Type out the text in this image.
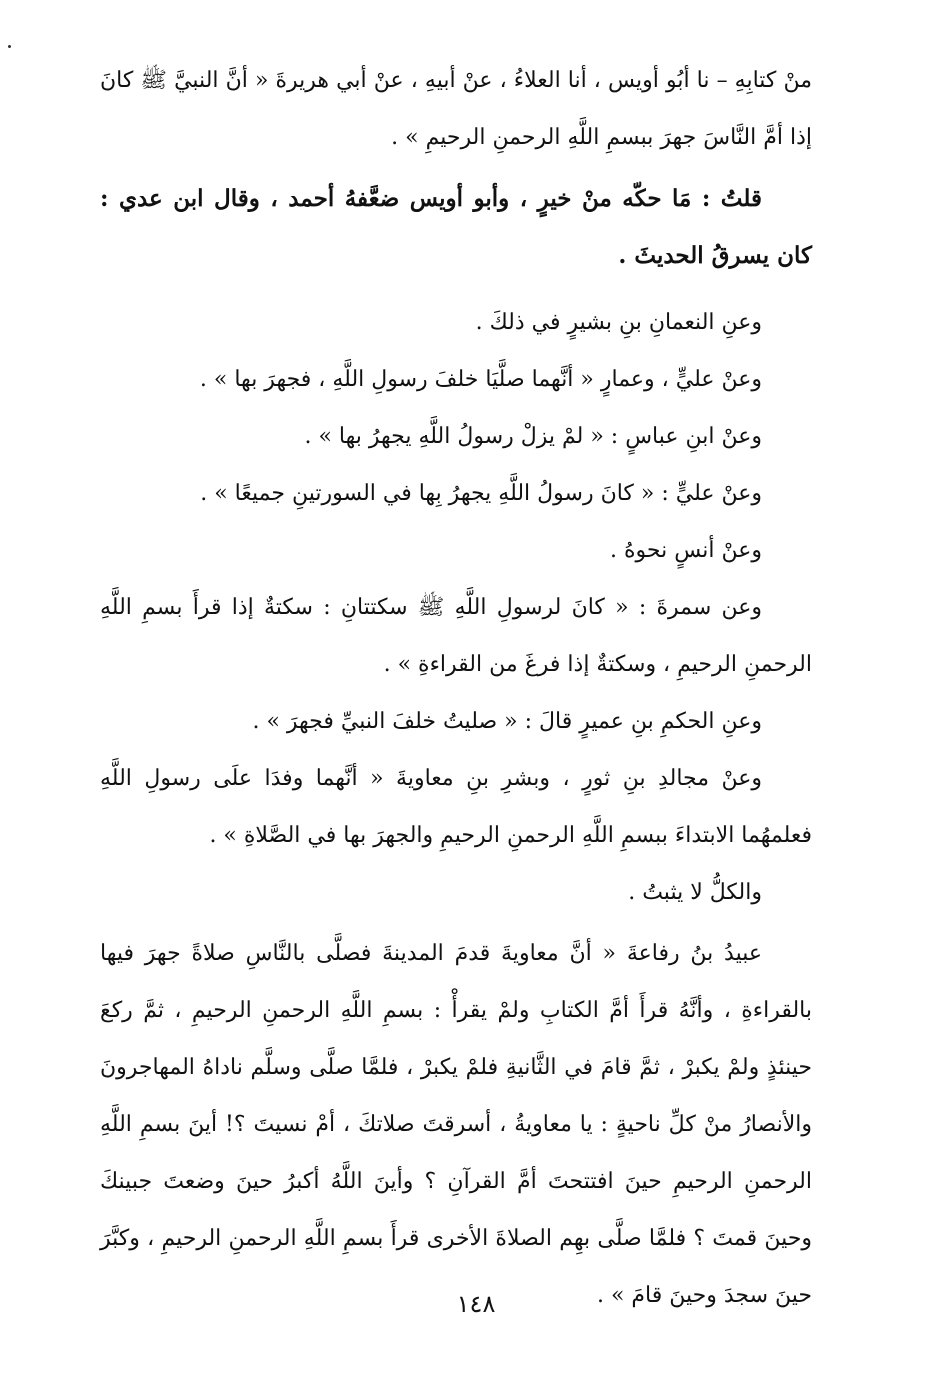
منْ كتابِهِ – نا أبُو أويس ، أنا العلاءُ ، عنْ أبيهِ ، عنْ أبي هريرةَ « أنَّ النبيَّ ﷺ كانَ إذا أمَّ النَّاسَ جهرَ ببسمِ اللَّهِ الرحمنِ الرحيمِ » .

قلتُ : مَا حكّه منْ خيرٍ ، وأبو أويس ضعَّفهُ أحمد ، وقال ابن عدي : كان يسرقُ الحديثَ .

وعنِ النعمانِ بنِ بشيرٍ في ذلكَ .

وعنْ عليٍّ ، وعمارٍ « أنَّهما صلَّيَا خلفَ رسولِ اللَّهِ ، فجهرَ بها » .

وعنْ ابنِ عباسٍ : « لمْ يزلْ رسولُ اللَّهِ يجهرُ بها » .

وعنْ عليٍّ : « كانَ رسولُ اللَّهِ يجهرُ بِها في السورتينِ جميعًا » .

وعنْ أنسٍ نحوهُ .

وعن سمرةَ : « كانَ لرسولِ اللَّهِ ﷺ سكتتانِ : سكتةٌ إذا قرأَ بسمِ اللَّهِ الرحمنِ الرحيمِ ، وسكتةٌ إذا فرغَ من القراءةِ » .

وعنِ الحكمِ بنِ عميرٍ قالَ : « صليتُ خلفَ النبيِّ فجهرَ » .

وعنْ مجالدِ بنِ ثورٍ ، وبشرِ بنِ معاويةَ « أنَّهما وفدَا علَى رسولِ اللَّهِ فعلمهُما الابتداءَ ببسمِ اللَّهِ الرحمنِ الرحيمِ والجهرَ بها في الصَّلاةِ » .

والكلُّ لا يثبتُ .

عبيدُ بنُ رفاعةَ « أنَّ معاويةَ قدمَ المدينةَ فصلَّى بالنَّاسِ صلاةً جهرَ فيها بالقراءةِ ، وأنَّهُ قرأَ أمَّ الكتابِ ولمْ يقرأْ : بسمِ اللَّهِ الرحمنِ الرحيمِ ، ثمَّ ركعَ حينئذٍ ولمْ يكبرْ ، ثمَّ قامَ في الثَّانيةِ فلمْ يكبرْ ، فلمَّا صلَّى وسلَّم ناداهُ المهاجرونَ والأنصارُ منْ كلِّ ناحيةٍ : يا معاويةُ ، أسرقتَ صلاتكَ ، أمْ نسيتَ ؟! أينَ بسمِ اللَّهِ الرحمنِ الرحيمِ حينَ افتتحتَ أمَّ القرآنِ ؟ وأينَ اللَّهُ أكبرُ حينَ وضعتَ جبينكَ وحينَ قمتَ ؟ فلمَّا صلَّى بهِم الصلاةَ الأخرى قرأَ بسمِ اللَّهِ الرحمنِ الرحيمِ ، وكبَّرَ حينَ سجدَ وحينَ قامَ » .

١٤٨
